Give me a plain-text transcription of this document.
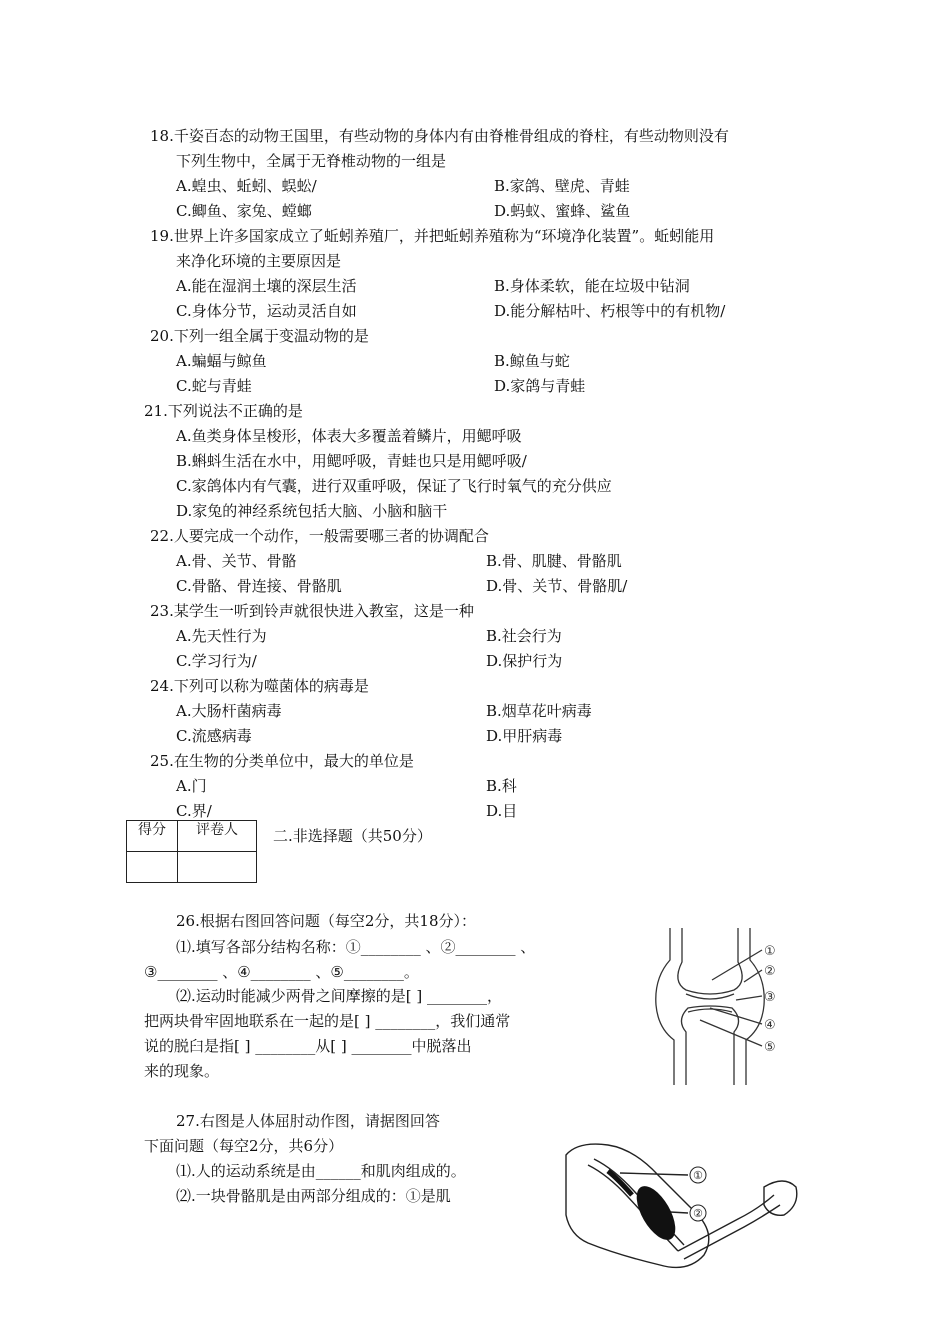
18.千姿百态的动物王国里，有些动物的身体内有由脊椎骨组成的脊柱，有些动物则没有
下列生物中，全属于无脊椎动物的一组是
A.蝗虫、蚯蚓、蜈蚣/	B.家鸽、壁虎、青蛙
C.鲫鱼、家兔、螳螂	D.蚂蚁、蜜蜂、鲨鱼
19.世界上许多国家成立了蚯蚓养殖厂，并把蚯蚓养殖称为“环境净化装置”。蚯蚓能用
来净化环境的主要原因是
A.能在湿润土壤的深层生活	B.身体柔软，能在垃圾中钻洞
C.身体分节，运动灵活自如	D.能分解枯叶、朽根等中的有机物/
20.下列一组全属于变温动物的是
A.蝙蝠与鲸鱼	B.鲸鱼与蛇
C.蛇与青蛙	D.家鸽与青蛙
21.下列说法不正确的是
A.鱼类身体呈梭形，体表大多覆盖着鳞片，用鳃呼吸
B.蝌蚪生活在水中，用鳃呼吸，青蛙也只是用鳃呼吸/
C.家鸽体内有气囊，进行双重呼吸，保证了飞行时氧气的充分供应
D.家兔的神经系统包括大脑、小脑和脑干
22.人要完成一个动作，一般需要哪三者的协调配合
A.骨、关节、骨骼	B.骨、肌腱、骨骼肌
C.骨骼、骨连接、骨骼肌	D.骨、关节、骨骼肌/
23.某学生一听到铃声就很快进入教室，这是一种
A.先天性行为	B.社会行为
C.学习行为/	D.保护行为
24.下列可以称为噬菌体的病毒是
A.大肠杆菌病毒	B.烟草花叶病毒
C.流感病毒	D.甲肝病毒
25.在生物的分类单位中，最大的单位是
A.门	B.科
C.界/	D.目
得分	评卷人
	二.非选择题（共50分）
26.根据右图回答问题（每空2分，共18分）：
⑴.填写各部分结构名称：①________ 、②________ 、
③________ 、④________ 、⑤________。
⑵.运动时能减少两骨之间摩擦的是[ ] ________，
把两块骨牢固地联系在一起的是[ ] ________，我们通常
说的脱臼是指[ ] ________从[ ] ________中脱落出
来的现象。
①
②
③
④
⑤
27.右图是人体屈肘动作图，请据图回答
下面问题（每空2分，共6分）
⑴.人的运动系统是由______和肌肉组成的。
⑵.一块骨骼肌是由两部分组成的：①是肌
①
②
